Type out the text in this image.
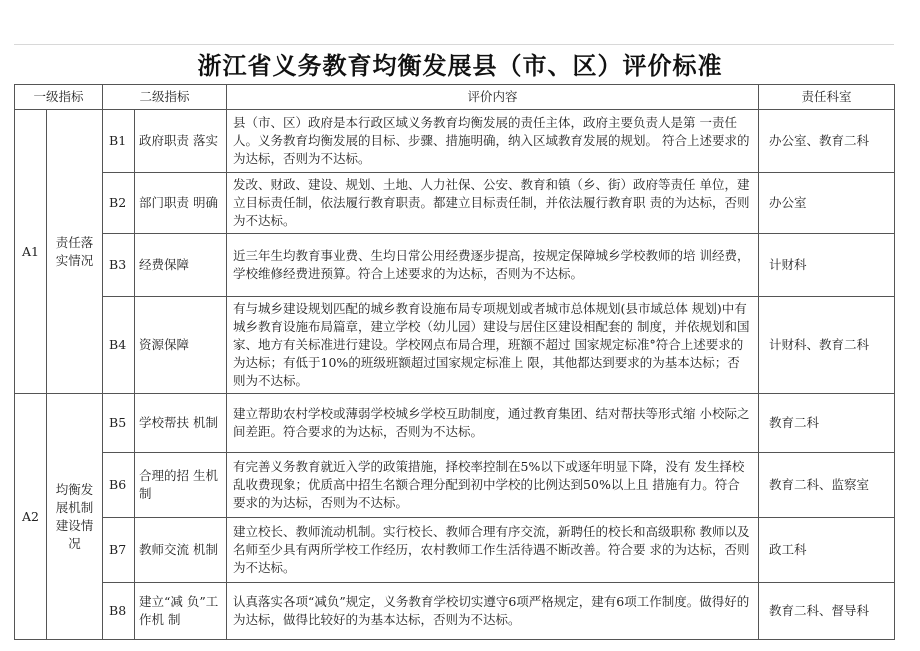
浙江省义务教育均衡发展县（市、区）评价标准
一级指标		二级指标		评价内容	责任科室
A1	责任落 实情况	B1	政府职责 落实	县（市、区）政府是本行政区域义务教育均衡发展的责任主体，政府主要负责人是第 一责任人。义务教育均衡发展的目标、步骤、措施明确，纳入区域教育发展的规划。 符合上述要求的为达标，否则为不达标。	办公室、教育二科
		B2	部门职责 明确	发改、财政、建设、规划、土地、人力社保、公安、教育和镇（乡、街）政府等责任 单位，建立目标责任制，依法履行教育职责。都建立目标责任制，并依法履行教育职 责的为达标，否则为不达标。	办公室
		B3	经费保障	近三年生均教育事业费、生均日常公用经费逐步提高，按规定保障城乡学校教师的培 训经费，学校维修经费进预算。符合上述要求的为达标，否则为不达标。	计财科
		B4	资源保障	有与城乡建设规划匹配的城乡教育设施布局专项规划或者城市总体规划(县市域总体 规划)中有城乡教育设施布局篇章，建立学校（幼儿园）建设与居住区建设相配套的 制度，并依规划和国家、地方有关标准进行建设。学校网点布局合理，班额不超过 国家规定标准°符合上述要求的为达标；有低于10%的班级班额超过国家规定标准上 限，其他都达到要求的为基本达标；否则为不达标。	计财科、教育二科
A2	均衡发 展机制 建设情 况	B5	学校帮扶 机制	建立帮助农村学校或薄弱学校城乡学校互助制度，通过教育集团、结对帮扶等形式缩 小校际之间差距。符合要求的为达标，否则为不达标。	教育二科
		B6	合理的招 生机制	有完善义务教育就近入学的政策措施，择校率控制在5%以下或逐年明显下降，没有 发生择校乱收费现象；优质高中招生名额合理分配到初中学校的比例达到50%以上且 措施有力。符合要求的为达标，否则为不达标。	教育二科、监察室
		B7	教师交流 机制	建立校长、教师流动机制。实行校长、教师合理有序交流，新聘任的校长和高级职称 教师以及名师至少具有两所学校工作经历，农村教师工作生活待遇不断改善。符合要 求的为达标，否则为不达标。	政工科
		B8	建立“减 负”工作机 制	认真落实各项“减负”规定，义务教育学校切实遵守6项严格规定，建有6项工作制度。做得好的为达标，做得比较好的为基本达标，否则为不达标。	教育二科、督导科
